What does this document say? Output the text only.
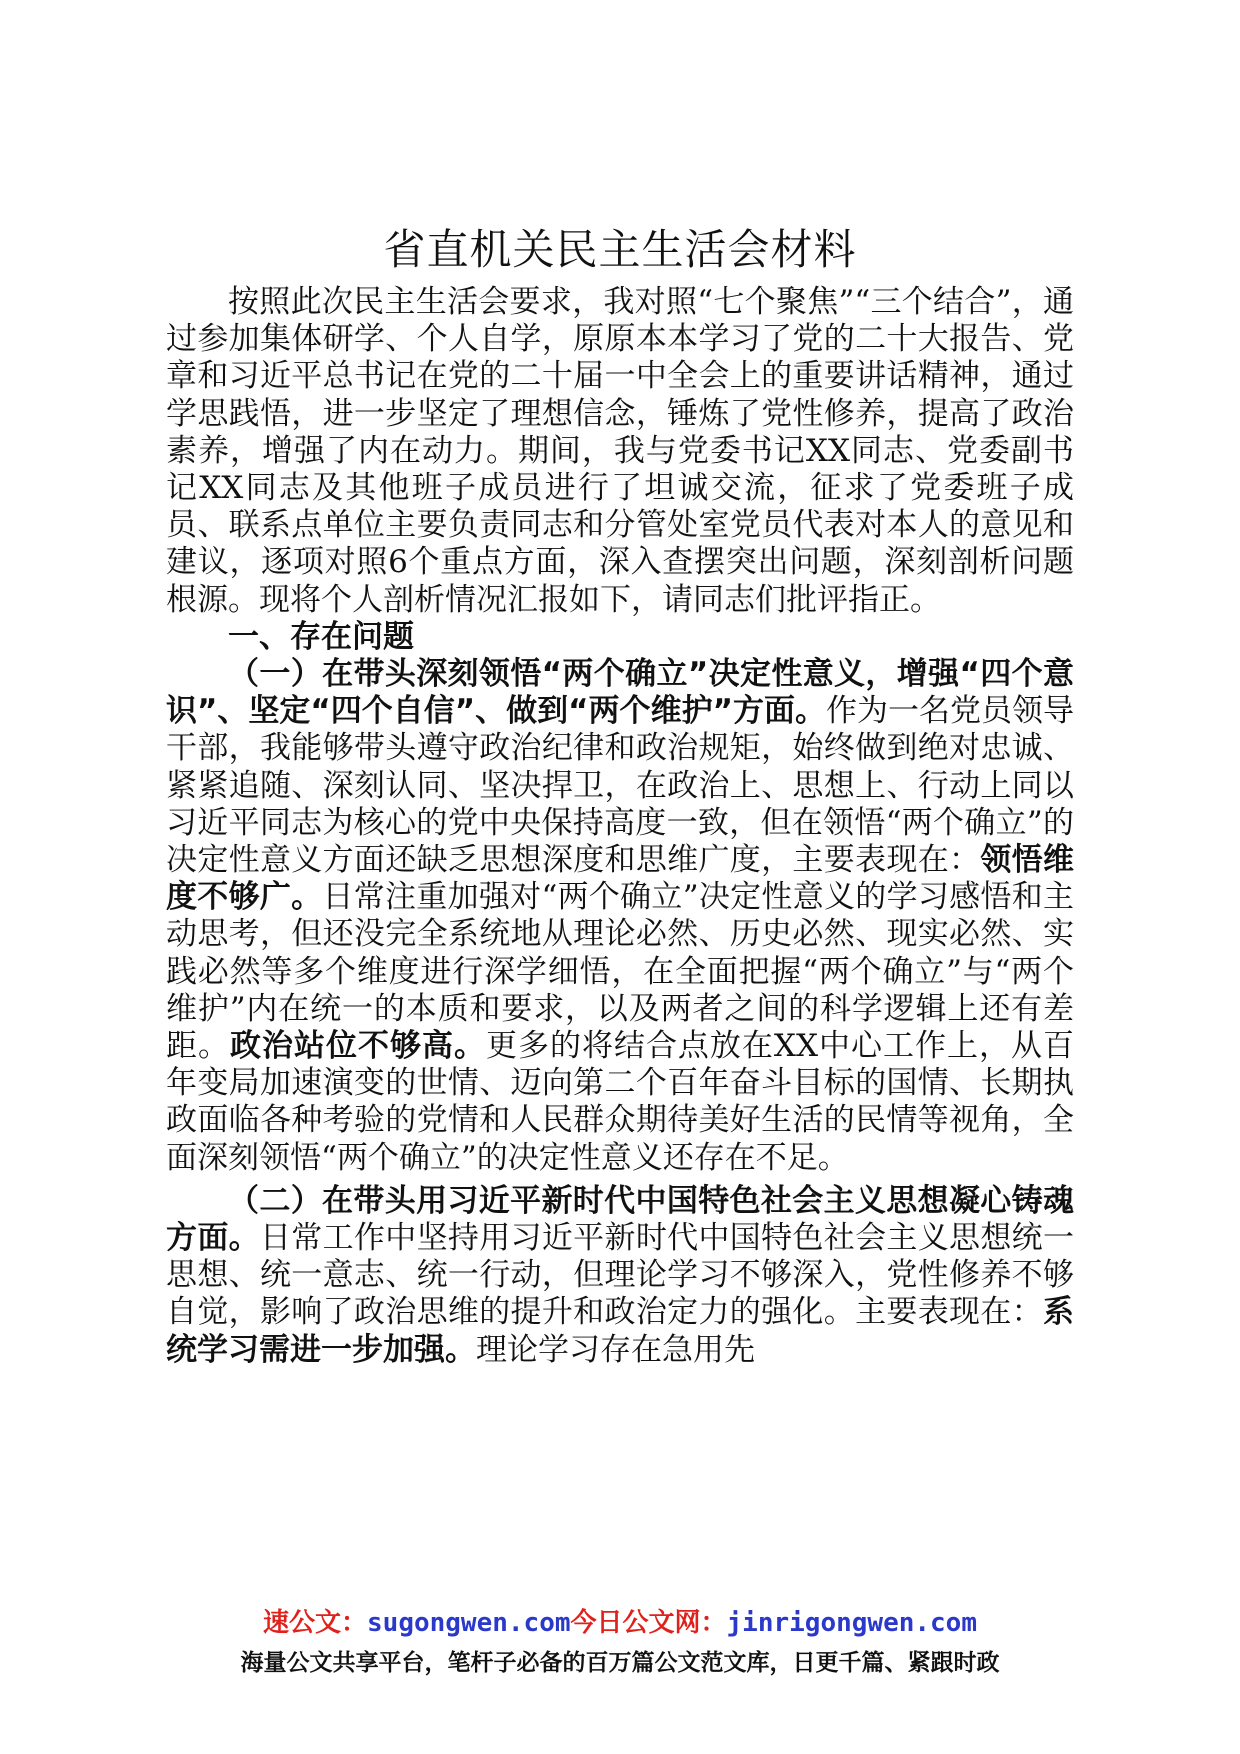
省直机关民主生活会材料

按照此次民主生活会要求，我对照“七个聚焦”“三个结合”，通过参加集体研学、个人自学，原原本本学习了党的二十大报告、党章和习近平总书记在党的二十届一中全会上的重要讲话精神，通过学思践悟，进一步坚定了理想信念，锤炼了党性修养，提高了政治素养，增强了内在动力。期间，我与党委书记XX同志、党委副书记XX同志及其他班子成员进行了坦诚交流，征求了党委班子成员、联系点单位主要负责同志和分管处室党员代表对本人的意见和建议，逐项对照6个重点方面，深入查摆突出问题，深刻剖析问题根源。现将个人剖析情况汇报如下，请同志们批评指正。

一、存在问题

（一）在带头深刻领悟“两个确立”决定性意义，增强“四个意识”、坚定“四个自信”、做到“两个维护”方面。作为一名党员领导干部，我能够带头遵守政治纪律和政治规矩，始终做到绝对忠诚、紧紧追随、深刻认同、坚决捍卫，在政治上、思想上、行动上同以习近平同志为核心的党中央保持高度一致，但在领悟“两个确立”的决定性意义方面还缺乏思想深度和思维广度，主要表现在：领悟维度不够广。日常注重加强对“两个确立”决定性意义的学习感悟和主动思考，但还没完全系统地从理论必然、历史必然、现实必然、实践必然等多个维度进行深学细悟，在全面把握“两个确立”与“两个维护”内在统一的本质和要求，以及两者之间的科学逻辑上还有差距。政治站位不够高。更多的将结合点放在XX中心工作上，从百年变局加速演变的世情、迈向第二个百年奋斗目标的国情、长期执政面临各种考验的党情和人民群众期待美好生活的民情等视角，全面深刻领悟“两个确立”的决定性意义还存在不足。

（二）在带头用习近平新时代中国特色社会主义思想凝心铸魂方面。日常工作中坚持用习近平新时代中国特色社会主义思想统一思想、统一意志、统一行动，但理论学习不够深入，党性修养不够自觉，影响了政治思维的提升和政治定力的强化。主要表现在：系统学习需进一步加强。理论学习存在急用先

速公文：sugongwen.com今日公文网：jinrigongwen.com
海量公文共享平台，笔杆子必备的百万篇公文范文库，日更千篇、紧跟时政
